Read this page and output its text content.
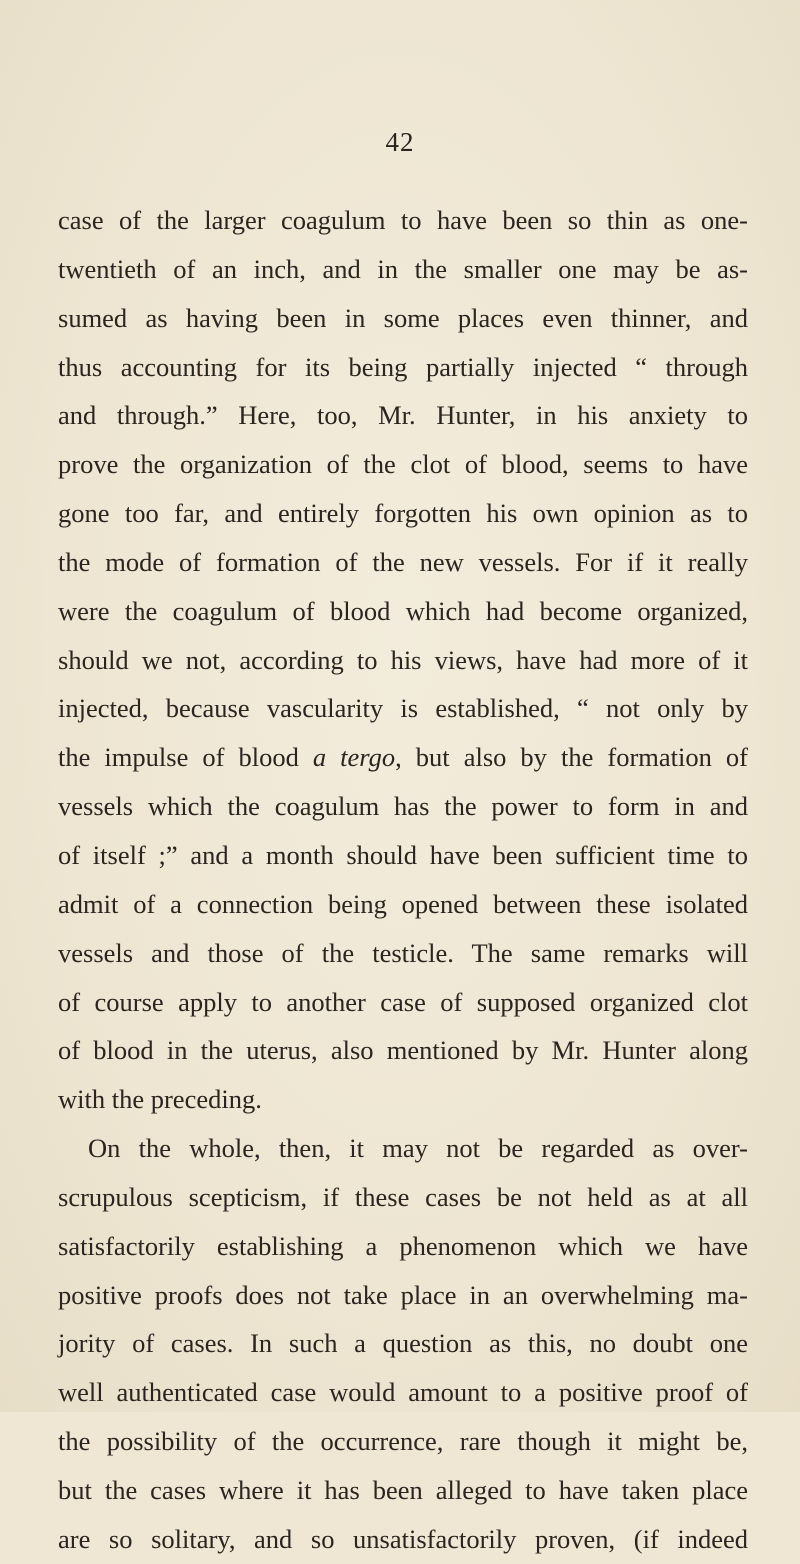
42
case of the larger coagulum to have been so thin as one-
twentieth of an inch, and in the smaller one may be as-
sumed as having been in some places even thinner, and
thus accounting for its being partially injected “ through
and through.” Here, too, Mr. Hunter, in his anxiety to
prove the organization of the clot of blood, seems to have
gone too far, and entirely forgotten his own opinion as to
the mode of formation of the new vessels. For if it really
were the coagulum of blood which had become organized,
should we not, according to his views, have had more of it
injected, because vascularity is established, “ not only by
the impulse of blood a tergo, but also by the formation of
vessels which the coagulum has the power to form in and
of itself ;” and a month should have been sufficient time to
admit of a connection being opened between these isolated
vessels and those of the testicle. The same remarks will
of course apply to another case of supposed organized clot
of blood in the uterus, also mentioned by Mr. Hunter along
with the preceding.
On the whole, then, it may not be regarded as over-
scrupulous scepticism, if these cases be not held as at all
satisfactorily establishing a phenomenon which we have
positive proofs does not take place in an overwhelming ma-
jority of cases. In such a question as this, no doubt one
well authenticated case would amount to a positive proof of
the possibility of the occurrence, rare though it might be,
but the cases where it has been alleged to have taken place
are so solitary, and so unsatisfactorily proven, (if indeed
